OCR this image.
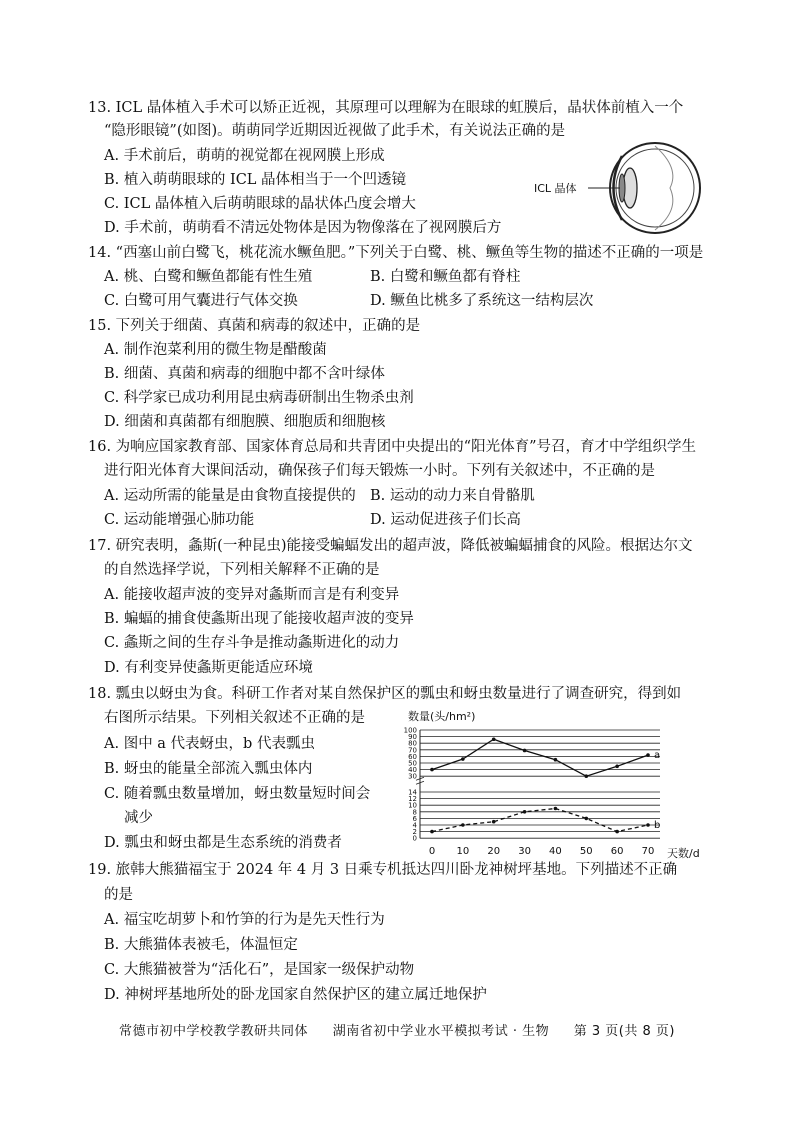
13. ICL 晶体植入手术可以矫正近视，其原理可以理解为在眼球的虹膜后，晶状体前植入一个
“隐形眼镜”(如图)。萌萌同学近期因近视做了此手术，有关说法正确的是
A. 手术前后，萌萌的视觉都在视网膜上形成
B. 植入萌萌眼球的 ICL 晶体相当于一个凹透镜
C. ICL 晶体植入后萌萌眼球的晶状体凸度会增大
D. 手术前，萌萌看不清远处物体是因为物像落在了视网膜后方
ICL 晶体
14. “西塞山前白鹭飞，桃花流水鳜鱼肥。”下列关于白鹭、桃、鳜鱼等生物的描述不正确的一项是
A. 桃、白鹭和鳜鱼都能有性生殖	B. 白鹭和鳜鱼都有脊柱
C. 白鹭可用气囊进行气体交换	D. 鳜鱼比桃多了系统这一结构层次
15. 下列关于细菌、真菌和病毒的叙述中，正确的是
A. 制作泡菜利用的微生物是醋酸菌
B. 细菌、真菌和病毒的细胞中都不含叶绿体
C. 科学家已成功利用昆虫病毒研制出生物杀虫剂
D. 细菌和真菌都有细胞膜、细胞质和细胞核
16. 为响应国家教育部、国家体育总局和共青团中央提出的“阳光体育”号召，育才中学组织学生
进行阳光体育大课间活动，确保孩子们每天锻炼一小时。下列有关叙述中，不正确的是
A. 运动所需的能量是由食物直接提供的 B. 运动的动力来自骨骼肌
C. 运动能增强心肺功能	D. 运动促进孩子们长高
17. 研究表明，螽斯(一种昆虫)能接受蝙蝠发出的超声波，降低被蝙蝠捕食的风险。根据达尔文
的自然选择学说，下列相关解释不正确的是
A. 能接收超声波的变异对螽斯而言是有利变异
B. 蝙蝠的捕食使螽斯出现了能接收超声波的变异
C. 螽斯之间的生存斗争是推动螽斯进化的动力
D. 有利变异使螽斯更能适应环境
18. 瓢虫以蚜虫为食。科研工作者对某自然保护区的瓢虫和蚜虫数量进行了调查研究，得到如
右图所示结果。下列相关叙述不正确的是
A. 图中 a 代表蚜虫，b 代表瓢虫
B. 蚜虫的能量全部流入瓢虫体内
C. 随着瓢虫数量增加，蚜虫数量短时间会
减少
D. 瓢虫和蚜虫都是生态系统的消费者
数量(头/hm²)
100
90
80
70
60
50
40
30
14
12
10
8
6
4
2
0
a
b
0 10 20 30 40 50 60 70 天数/d
19. 旅韩大熊猫福宝于 2024 年 4 月 3 日乘专机抵达四川卧龙神树坪基地。下列描述不正确
的是
A. 福宝吃胡萝卜和竹笋的行为是先天性行为
B. 大熊猫体表被毛，体温恒定
C. 大熊猫被誉为“活化石”，是国家一级保护动物
D. 神树坪基地所处的卧龙国家自然保护区的建立属迁地保护
常德市初中学校教学教研共同体 湖南省初中学业水平模拟考试 · 生物 第 3 页(共 8 页)
